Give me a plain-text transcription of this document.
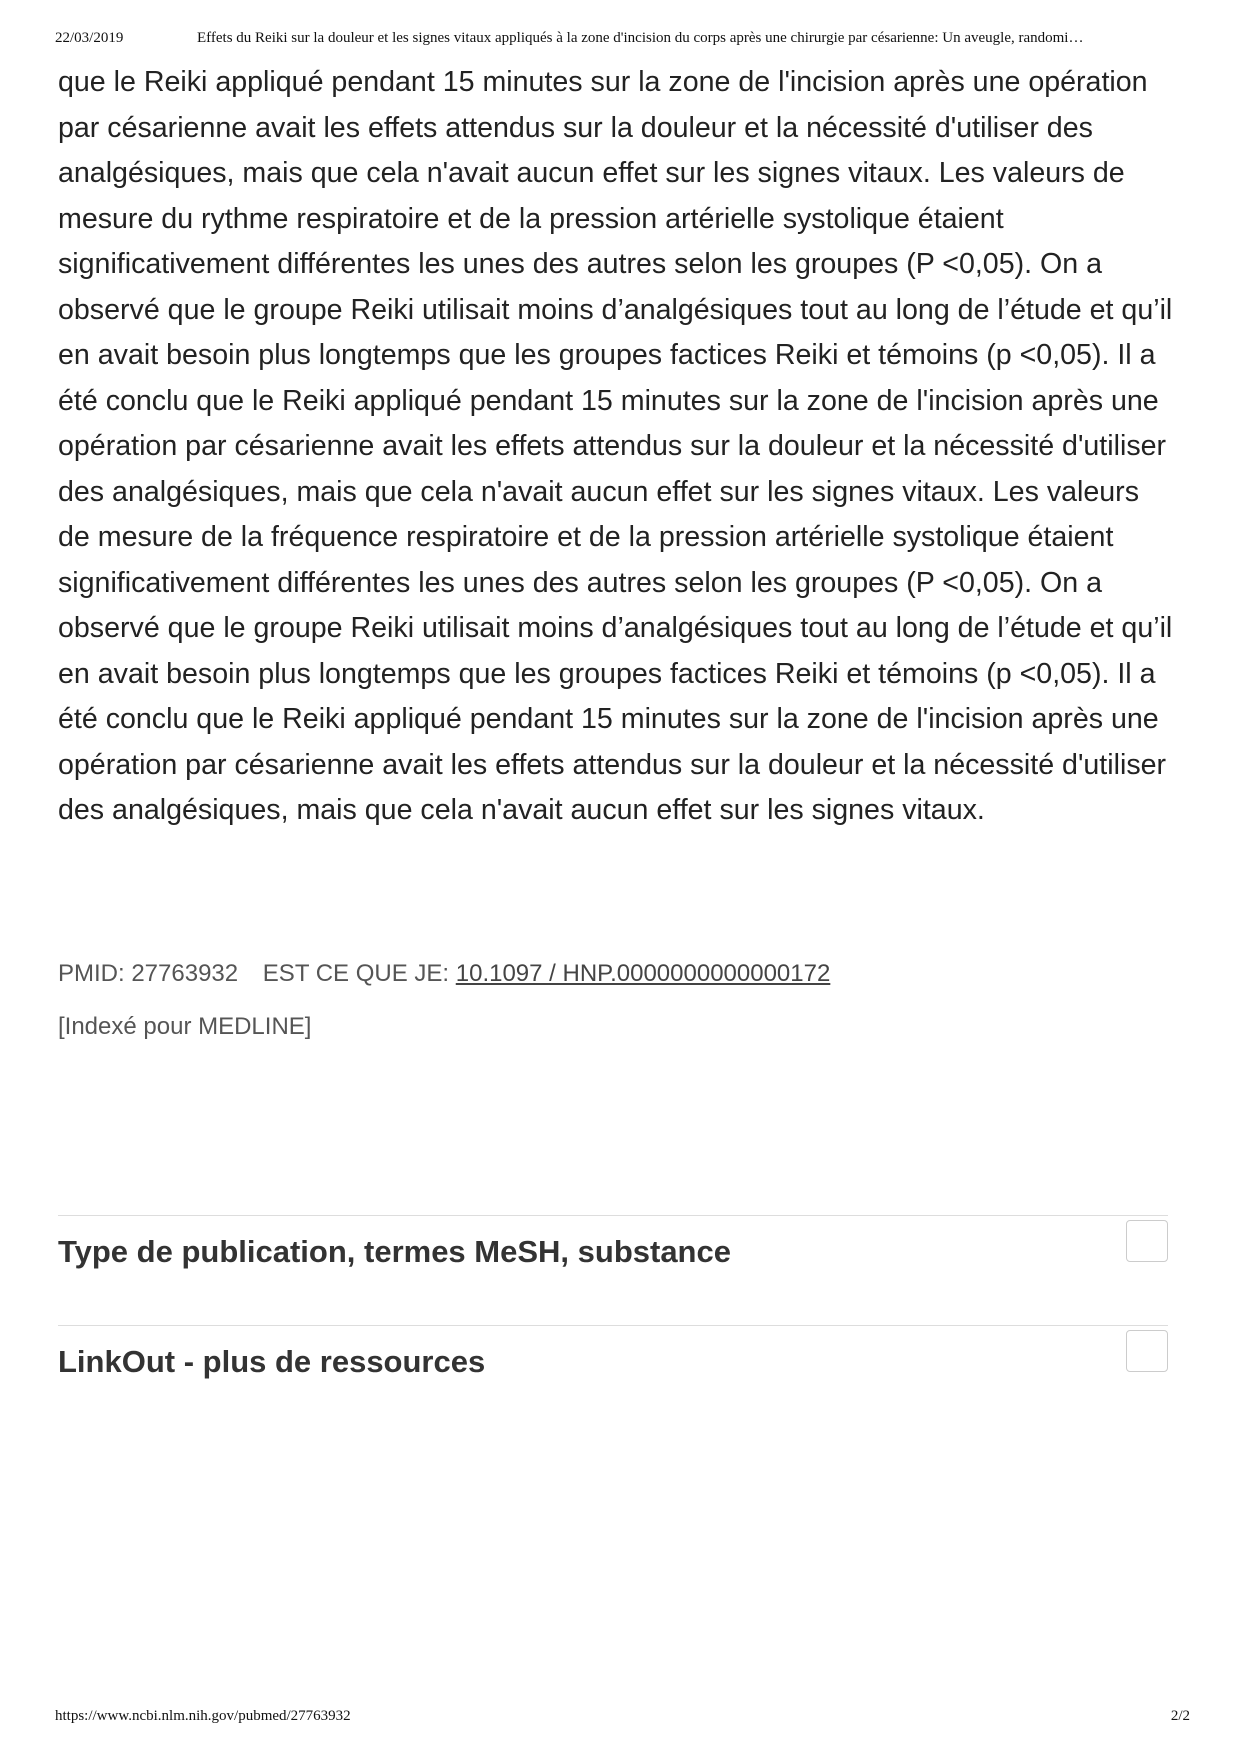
22/03/2019	Effets du Reiki sur la douleur et les signes vitaux appliqués à la zone d'incision du corps après une chirurgie par césarienne: Un aveugle, randomi…

que le Reiki appliqué pendant 15 minutes sur la zone de l'incision après une opération par césarienne avait les effets attendus sur la douleur et la nécessité d'utiliser des analgésiques, mais que cela n'avait aucun effet sur les signes vitaux. Les valeurs de mesure du rythme respiratoire et de la pression artérielle systolique étaient significativement différentes les unes des autres selon les groupes (P <0,05). On a observé que le groupe Reiki utilisait moins d’analgésiques tout au long de l’étude et qu’il en avait besoin plus longtemps que les groupes factices Reiki et témoins (p <0,05). Il a été conclu que le Reiki appliqué pendant 15 minutes sur la zone de l'incision après une opération par césarienne avait les effets attendus sur la douleur et la nécessité d'utiliser des analgésiques, mais que cela n'avait aucun effet sur les signes vitaux. Les valeurs de mesure de la fréquence respiratoire et de la pression artérielle systolique étaient significativement différentes les unes des autres selon les groupes (P <0,05). On a observé que le groupe Reiki utilisait moins d’analgésiques tout au long de l’étude et qu’il en avait besoin plus longtemps que les groupes factices Reiki et témoins (p <0,05). Il a été conclu que le Reiki appliqué pendant 15 minutes sur la zone de l'incision après une opération par césarienne avait les effets attendus sur la douleur et la nécessité d'utiliser des analgésiques, mais que cela n'avait aucun effet sur les signes vitaux.

PMID: 27763932 EST CE QUE JE: 10.1097 / HNP.0000000000000172
[Indexé pour MEDLINE]
Type de publication, termes MeSH, substance
LinkOut - plus de ressources
https://www.ncbi.nlm.nih.gov/pubmed/27763932	2/2
